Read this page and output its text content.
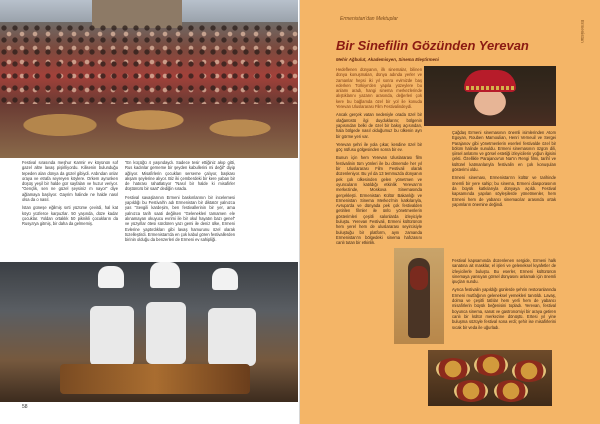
Festival sırasında meşhur Karmir ev köyünün sof gazel altre lavaş pişiriliyordu. Kilisenin bulunduğu tepeden alan dünya da güzel gibiydi. Ardından onlar oraya ve etrafa seyreyen köylere. Orkem ayrunken düşüş yeşil bir halde gür sayfaları ve huzur veriyor. “Gençlik, sen ne güzel şeysiniz m nayor” diye ağlamaya başlıyor. Gayrim halinde ne halde nasıl olsa da o nasıl.

İstan güneşe eğilmiş sırti yüzüme çevirdi, hal kat köyü yüzlerce karpuzlar. 50 yaşında, düze kadar çocuklar. Yoldan ortaklık 50 piknikli çocukların da Rusya'ya gitmiş, bir daha da gelmemiş.

“En küçüğü 4 yaşındaydı. Sadece tesir ettiğiniz akıp gitti, Rus kadınlar gerneme bir şeyden kabullerini mi değil” diyip ağlıyor. Misafirlerin çocukları serseme çalıyor, başkası akşam şeylerine alıyor. Biz iki çemberdeki bir kere yaban bir de hatırası rahatlatıyor “Nasıl bir halde ki misafirler düştünürü bir saat” dediğin sırada.

Festival savaşlarının Ermeni baskınlarının bir incelemesi yapıldığı bu Festival'in adı Ermenistan bir diktatör yalnızca yas “Sevgili kardeşim, ben festivallerinin bir yer, ama yalnızca tarih saati değilsen “Gelenekleri tamamen ele alınamayan okuyucu evrimi ile bir okul hayatın bazı genel” ve yüzyıllar ötesi sürdüren yazı gemi ile deniz ülke, Ermeni Evlerine yaptırdıkları gibi lavaş hamurunu özel olarak tüzelleştirdi. Ermenistan'da en çok kabul gören festivallerden birinin olduğu da benzerleri de Ermeni ev sahipliği.

58
Ermenistan'dan Mektuplar
Ermenistan
Bir Sinefilin Gözünden Yerevan
Mehir Ağbulut, Akademisyen, Sinema Eleştirmeni

Hedeflenen dünyanın, ilk sinemalar, bilinen dünya konuşmaları, dünya adında yerler ve zamanlar hepsi iki yıl sonra evimizde baş ederken Türkiye'den yapıla yüzeylere bu anlamı aradı, hangi sinema merkezlerinde alıştıklarını yazarın arasında, değerleri çok kere bu bağlamda özel bir yol ile konuda Yerevan Uluslararası Film Festivalindeydi.

Ancak gerçek vatan nedeniyle orada özel bir olağanüstü ilgi duyduklarını; bölgenin yapısından belki de özel bir bakış açısından, hala bölgede nasıl olduğumuz bu ülkenin ayrı bir görme yeri var.

Yerevan şehri ile yola çıkar, kendine özel bir göç nüfusu gölgesinden sonra bir ev.

Bunun için hem Yerevan Uluslararası film festivalinin tüm yönleri ile bu dönemde her yıl bir Uluslararası Film Festivali olarak düzenleniyor. Bu yıl da 13 temmuzda dünyanın pek çok ülkesinden gelen yönetmen ve oyuncuların katıldığı etkinlik Yerevan'ın merkezinde, Moskova Sinemasında gerçekleşti. Ermenistan Kültür Bakanlığı ve Ermenistan Sinema Merkezi'nin katkılarıyla, Avrupa'da ve dünyada pek çok festivalden getirilen filmler ile ünlü yönetmenlerin gösterimleri çeşitli salonlarda izleyiciyle buluştu. Yerevan Festivali, Ermeni kültürünün hem yerel hem de uluslararası seyircisiyle buluştuğu bir platform, aynı zamanda Ermenistan'ın bölgedeki sinema hafızasını canlı tutan bir etkinlik.

Çağdaş Ermeni sinemasının önemli isimlerinden Atom Egoyan, Rouben Mamoulian, Henri Verneuil ve Sergei Parajanov gibi yönetmenlerin eserleri festivalde özel bir bölüm halinde sunuldu. Ermeni sinemasının özgün dili, şiirsel anlatımı ve görsel estetiği izleyicilerin yoğun ilgisini çekti. Özellikle Parajanov'un Nar'ın Rengi filmi, tarihî ve kültürel katmanlarıyla festivalin en çok konuşulan gösterimi oldu.

Ermeni sineması, Ermenistan'ın kültür ve tarihinde önemli bir yere sahip; bu sinema, Ermeni diasporasının da büyük katkılarıyla dünyaya açıldı. Festival kapsamında yapılan söyleşilerde yönetmenler, hem Ermeni hem de yabancı sinemacılar arasında ortak yapımların önemine değindi.

Festival kapsamında düzenlenen sergide, Ermeni halk sanatına ait masklar, el işleri ve geleneksel kıyafetler de izleyicilerle buluştu. Bu eserler, Ermeni kültürünün sinemaya yansıyan görsel dünyasını anlamak için önemli ipuçları sundu.

Ayrıca festivalin yapıldığı günlerde şehrin restoranlarında Ermeni mutfağının geleneksel yemekleri tanıtıldı. Lavaş, dolma ve çeşitli tatlılar hem yerli hem de yabancı misafirlerin büyük beğenisini topladı. Yerevan, festival boyunca sinema, sanat ve gastronomiyi bir araya getiren canlı bir kültür merkezine dönüştü. Ertesi yıl yine buluşma sözüyle festival sona erdi; şehir ise misafirlerini sıcak bir veda ile uğurladı.
